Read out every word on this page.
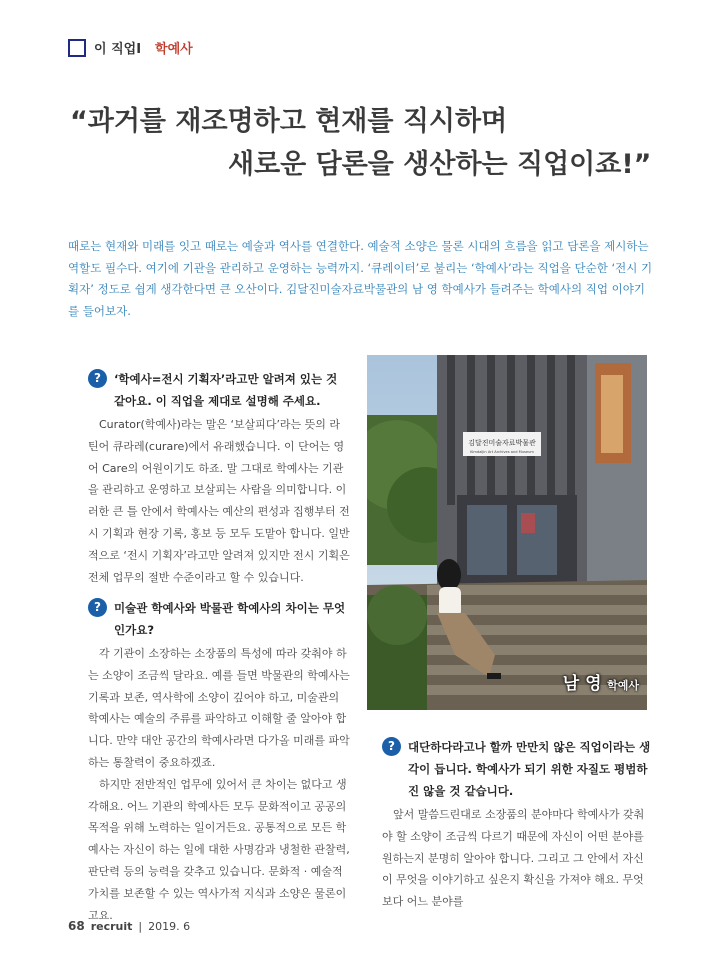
이 직업Ⅰ 학예사
“과거를 재조명하고 현재를 직시하며
새로운 담론을 생산하는 직업이죠!”
때로는 현재와 미래를 잇고 때로는 예술과 역사를 연결한다. 예술적 소양은 물론 시대의 흐름을 읽고 담론을 제시하는 역할도 필수다. 여기에 기관을 관리하고 운영하는 능력까지. ‘큐레이터’로 불리는 ‘학예사’라는 직업을 단순한 ‘전시 기획자’ 정도로 쉽게 생각한다면 큰 오산이다. 김달진미술자료박물관의 남 영 학예사가 들려주는 학예사의 직업 이야기를 들어보자.
?	‘학예사=전시 기획자’라고만 알려져 있는 것 같아요. 이 직업을 제대로 설명해 주세요.

Curator(학예사)라는 말은 ‘보살피다’라는 뜻의 라틴어 큐라레(curare)에서 유래했습니다. 이 단어는 영어 Care의 어원이기도 하죠. 말 그대로 학예사는 기관을 관리하고 운영하고 보살피는 사람을 의미합니다. 이러한 큰 틀 안에서 학예사는 예산의 편성과 집행부터 전시 기획과 현장 기록, 홍보 등 모두 도맡아 합니다. 일반적으로 ‘전시 기획자’라고만 알려져 있지만 전시 기획은 전체 업무의 절반 수준이라고 할 수 있습니다.

?	미술관 학예사와 박물관 학예사의 차이는 무엇인가요?

각 기관이 소장하는 소장품의 특성에 따라 갖춰야 하는 소양이 조금씩 달라요. 예를 들면 박물관의 학예사는 기록과 보존, 역사학에 소양이 깊어야 하고, 미술관의 학예사는 예술의 주류를 파악하고 이해할 줄 알아야 합니다. 만약 대안 공간의 학예사라면 다가올 미래를 파악하는 통찰력이 중요하겠죠.

하지만 전반적인 업무에 있어서 큰 차이는 없다고 생각해요. 어느 기관의 학예사든 모두 문화적이고 공공의 목적을 위해 노력하는 일이거든요. 공통적으로 모든 학예사는 자신이 하는 일에 대한 사명감과 냉철한 관찰력, 판단력 등의 능력을 갖추고 있습니다. 문화적 · 예술적 가치를 보존할 수 있는 역사가적 지식과 소양은 물론이고요.

김달진미술자료박물관
Kimdaljin Art Archives and Museum
남 영 학예사
?	대단하다라고나 할까 만만치 않은 직업이라는 생각이 듭니다. 학예사가 되기 위한 자질도 평범하진 않을 것 같습니다.

앞서 말씀드린대로 소장품의 분야마다 학예사가 갖춰야 할 소양이 조금씩 다르기 때문에 자신이 어떤 분야를 원하는지 분명히 알아야 합니다. 그리고 그 안에서 자신이 무엇을 이야기하고 싶은지 확신을 가져야 해요. 무엇보다 어느 분야를

68 recruit | 2019. 6
